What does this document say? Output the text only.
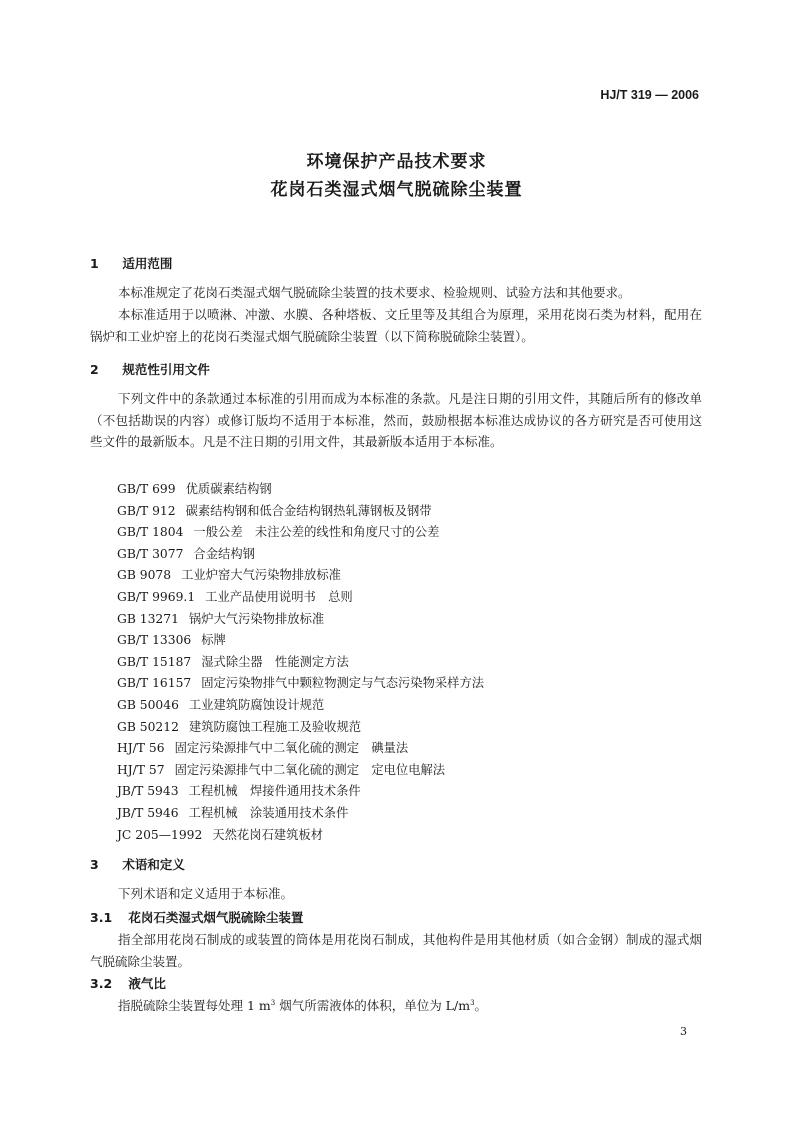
HJ/T 319 — 2006
环境保护产品技术要求
花岗石类湿式烟气脱硫除尘装置
1 适用范围
本标准规定了花岗石类湿式烟气脱硫除尘装置的技术要求、检验规则、试验方法和其他要求。
本标准适用于以喷淋、冲激、水膜、各种塔板、文丘里等及其组合为原理，采用花岗石类为材料，配用在锅炉和工业炉窑上的花岗石类湿式烟气脱硫除尘装置（以下简称脱硫除尘装置）。
2 规范性引用文件
下列文件中的条款通过本标准的引用而成为本标准的条款。凡是注日期的引用文件，其随后所有的修改单（不包括勘误的内容）或修订版均不适用于本标准，然而，鼓励根据本标准达成协议的各方研究是否可使用这些文件的最新版本。凡是不注日期的引用文件，其最新版本适用于本标准。
GB/T 699 优质碳素结构钢
GB/T 912 碳素结构钢和低合金结构钢热轧薄钢板及钢带
GB/T 1804 一般公差　未注公差的线性和角度尺寸的公差
GB/T 3077 合金结构钢
GB 9078 工业炉窑大气污染物排放标准
GB/T 9969.1 工业产品使用说明书　总则
GB 13271 锅炉大气污染物排放标准
GB/T 13306 标牌
GB/T 15187 湿式除尘器　性能测定方法
GB/T 16157 固定污染物排气中颗粒物测定与气态污染物采样方法
GB 50046 工业建筑防腐蚀设计规范
GB 50212 建筑防腐蚀工程施工及验收规范
HJ/T 56 固定污染源排气中二氧化硫的测定　碘量法
HJ/T 57 固定污染源排气中二氧化硫的测定　定电位电解法
JB/T 5943 工程机械　焊接件通用技术条件
JB/T 5946 工程机械　涂装通用技术条件
JC 205—1992 天然花岗石建筑板材
3 术语和定义
下列术语和定义适用于本标准。
3.1 花岗石类湿式烟气脱硫除尘装置
指全部用花岗石制成的或装置的筒体是用花岗石制成，其他构件是用其他材质（如合金钢）制成的湿式烟气脱硫除尘装置。
3.2 液气比
指脱硫除尘装置每处理 1 $m^3$ 烟气所需液体的体积，单位为 $L/m^3$。
3
